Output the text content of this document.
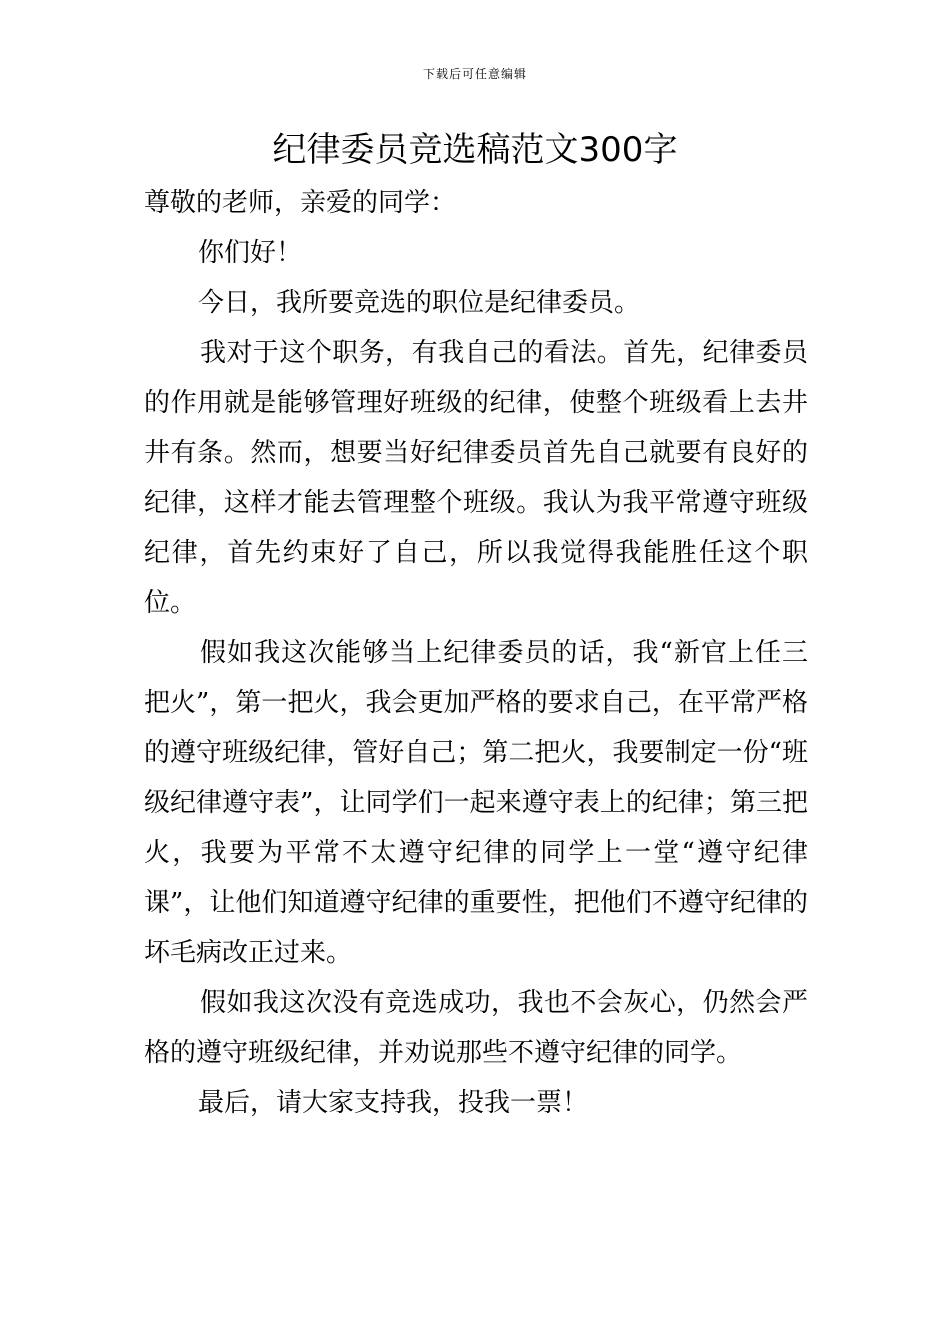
下载后可任意编辑
纪律委员竞选稿范文300字

尊敬的老师，亲爱的同学：

你们好！

今日，我所要竞选的职位是纪律委员。

我对于这个职务，有我自己的看法。首先，纪律委员的作用就是能够管理好班级的纪律，使整个班级看上去井井有条。然而，想要当好纪律委员首先自己就要有良好的纪律，这样才能去管理整个班级。我认为我平常遵守班级纪律，首先约束好了自己，所以我觉得我能胜任这个职位。

假如我这次能够当上纪律委员的话，我“新官上任三把火”，第一把火，我会更加严格的要求自己，在平常严格的遵守班级纪律，管好自己；第二把火，我要制定一份“班级纪律遵守表”，让同学们一起来遵守表上的纪律；第三把火，我要为平常不太遵守纪律的同学上一堂“遵守纪律课”，让他们知道遵守纪律的重要性，把他们不遵守纪律的坏毛病改正过来。

假如我这次没有竞选成功，我也不会灰心，仍然会严格的遵守班级纪律，并劝说那些不遵守纪律的同学。

最后，请大家支持我，投我一票！
